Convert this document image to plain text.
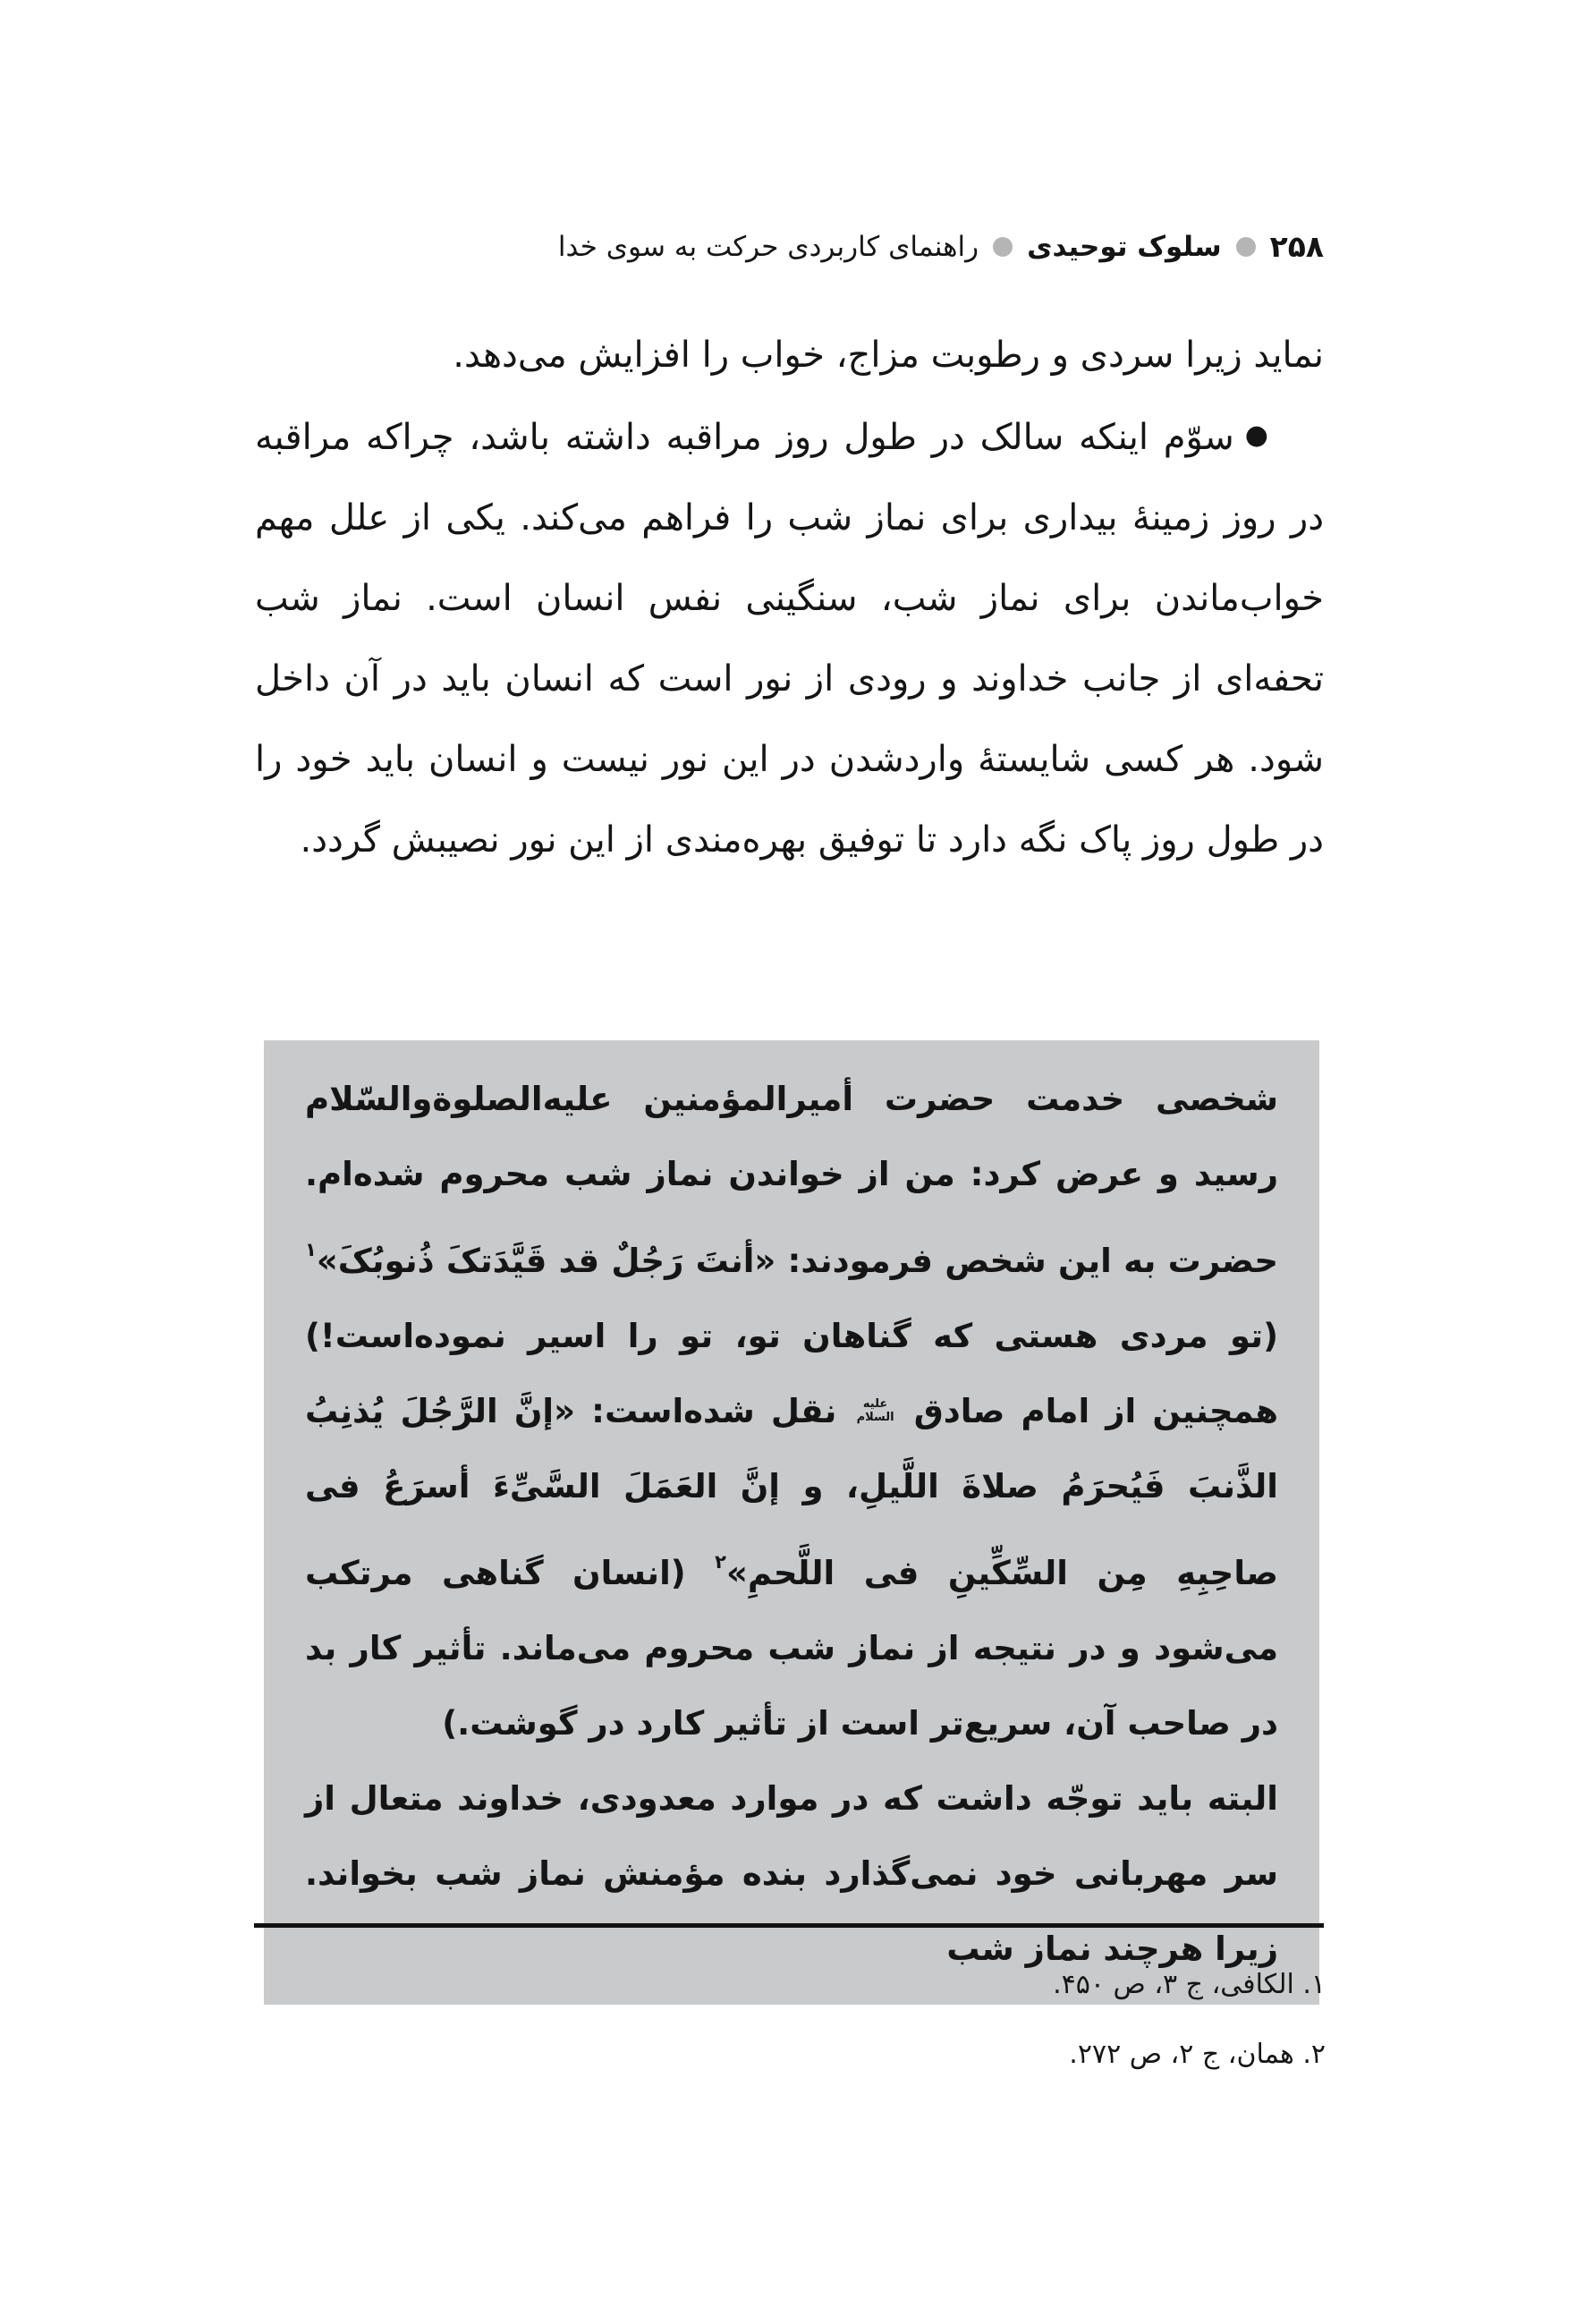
۲۵۸
سلوک توحیدی
راهنمای کاربردی حرکت به سوی خدا

نماید زیرا سردی و رطوبت مزاج، خواب را افزایش می‌دهد.

●سوّم اینکه سالک در طول روز مراقبه داشته باشد، چراکه مراقبه در روز زمینهٔ بیداری برای نماز شب را فراهم می‌کند. یکی از علل مهم خواب‌ماندن برای نماز شب، سنگینی نفس انسان است. نماز شب تحفه‌ای از جانب خداوند و رودی از نور است که انسان باید در آن داخل شود. هر کسی شایستهٔ واردشدن در این نور نیست و انسان باید خود را در طول روز پاک نگه دارد تا توفیق بهره‌مندی از این نور نصیبش گردد.

شخصی خدمت حضرت أمیرالمؤمنین علیه‌الصلوةوالسّلام رسید و عرض کرد: من از خواندن نماز شب محروم شده‌ام. حضرت به این شخص فرمودند: «أنتَ رَجُلٌ قد قَیَّدَتکَ ذُنوبُکَ»$^۱$ (تو مردی هستی که گناهان تو، تو را اسیر نموده‌است!) همچنین از امام صادق علیه السلام نقل شده‌است: «إنَّ الرَّجُلَ یُذنِبُ الذَّنبَ فَیُحرَمُ صلاةَ اللَّیلِ، و إنَّ العَمَلَ السَّیِّءَ أسرَعُ فی صاحِبِهِ مِن السِّکِّینِ فی اللَّحمِ»$^۲$ (انسان گناهی مرتکب می‌شود و در نتیجه از نماز شب محروم می‌ماند. تأثیر کار بد در صاحب آن، سریع‌تر است از تأثیر کارد در گوشت.)

البته باید توجّه داشت که در موارد معدودی، خداوند متعال از سر مهربانی خود نمی‌گذارد بنده مؤمنش نماز شب بخواند. زیرا هرچند نماز شب

۱. الکافی، ج ۳، ص ۴۵۰.
۲. همان، ج ۲، ص ۲۷۲.
